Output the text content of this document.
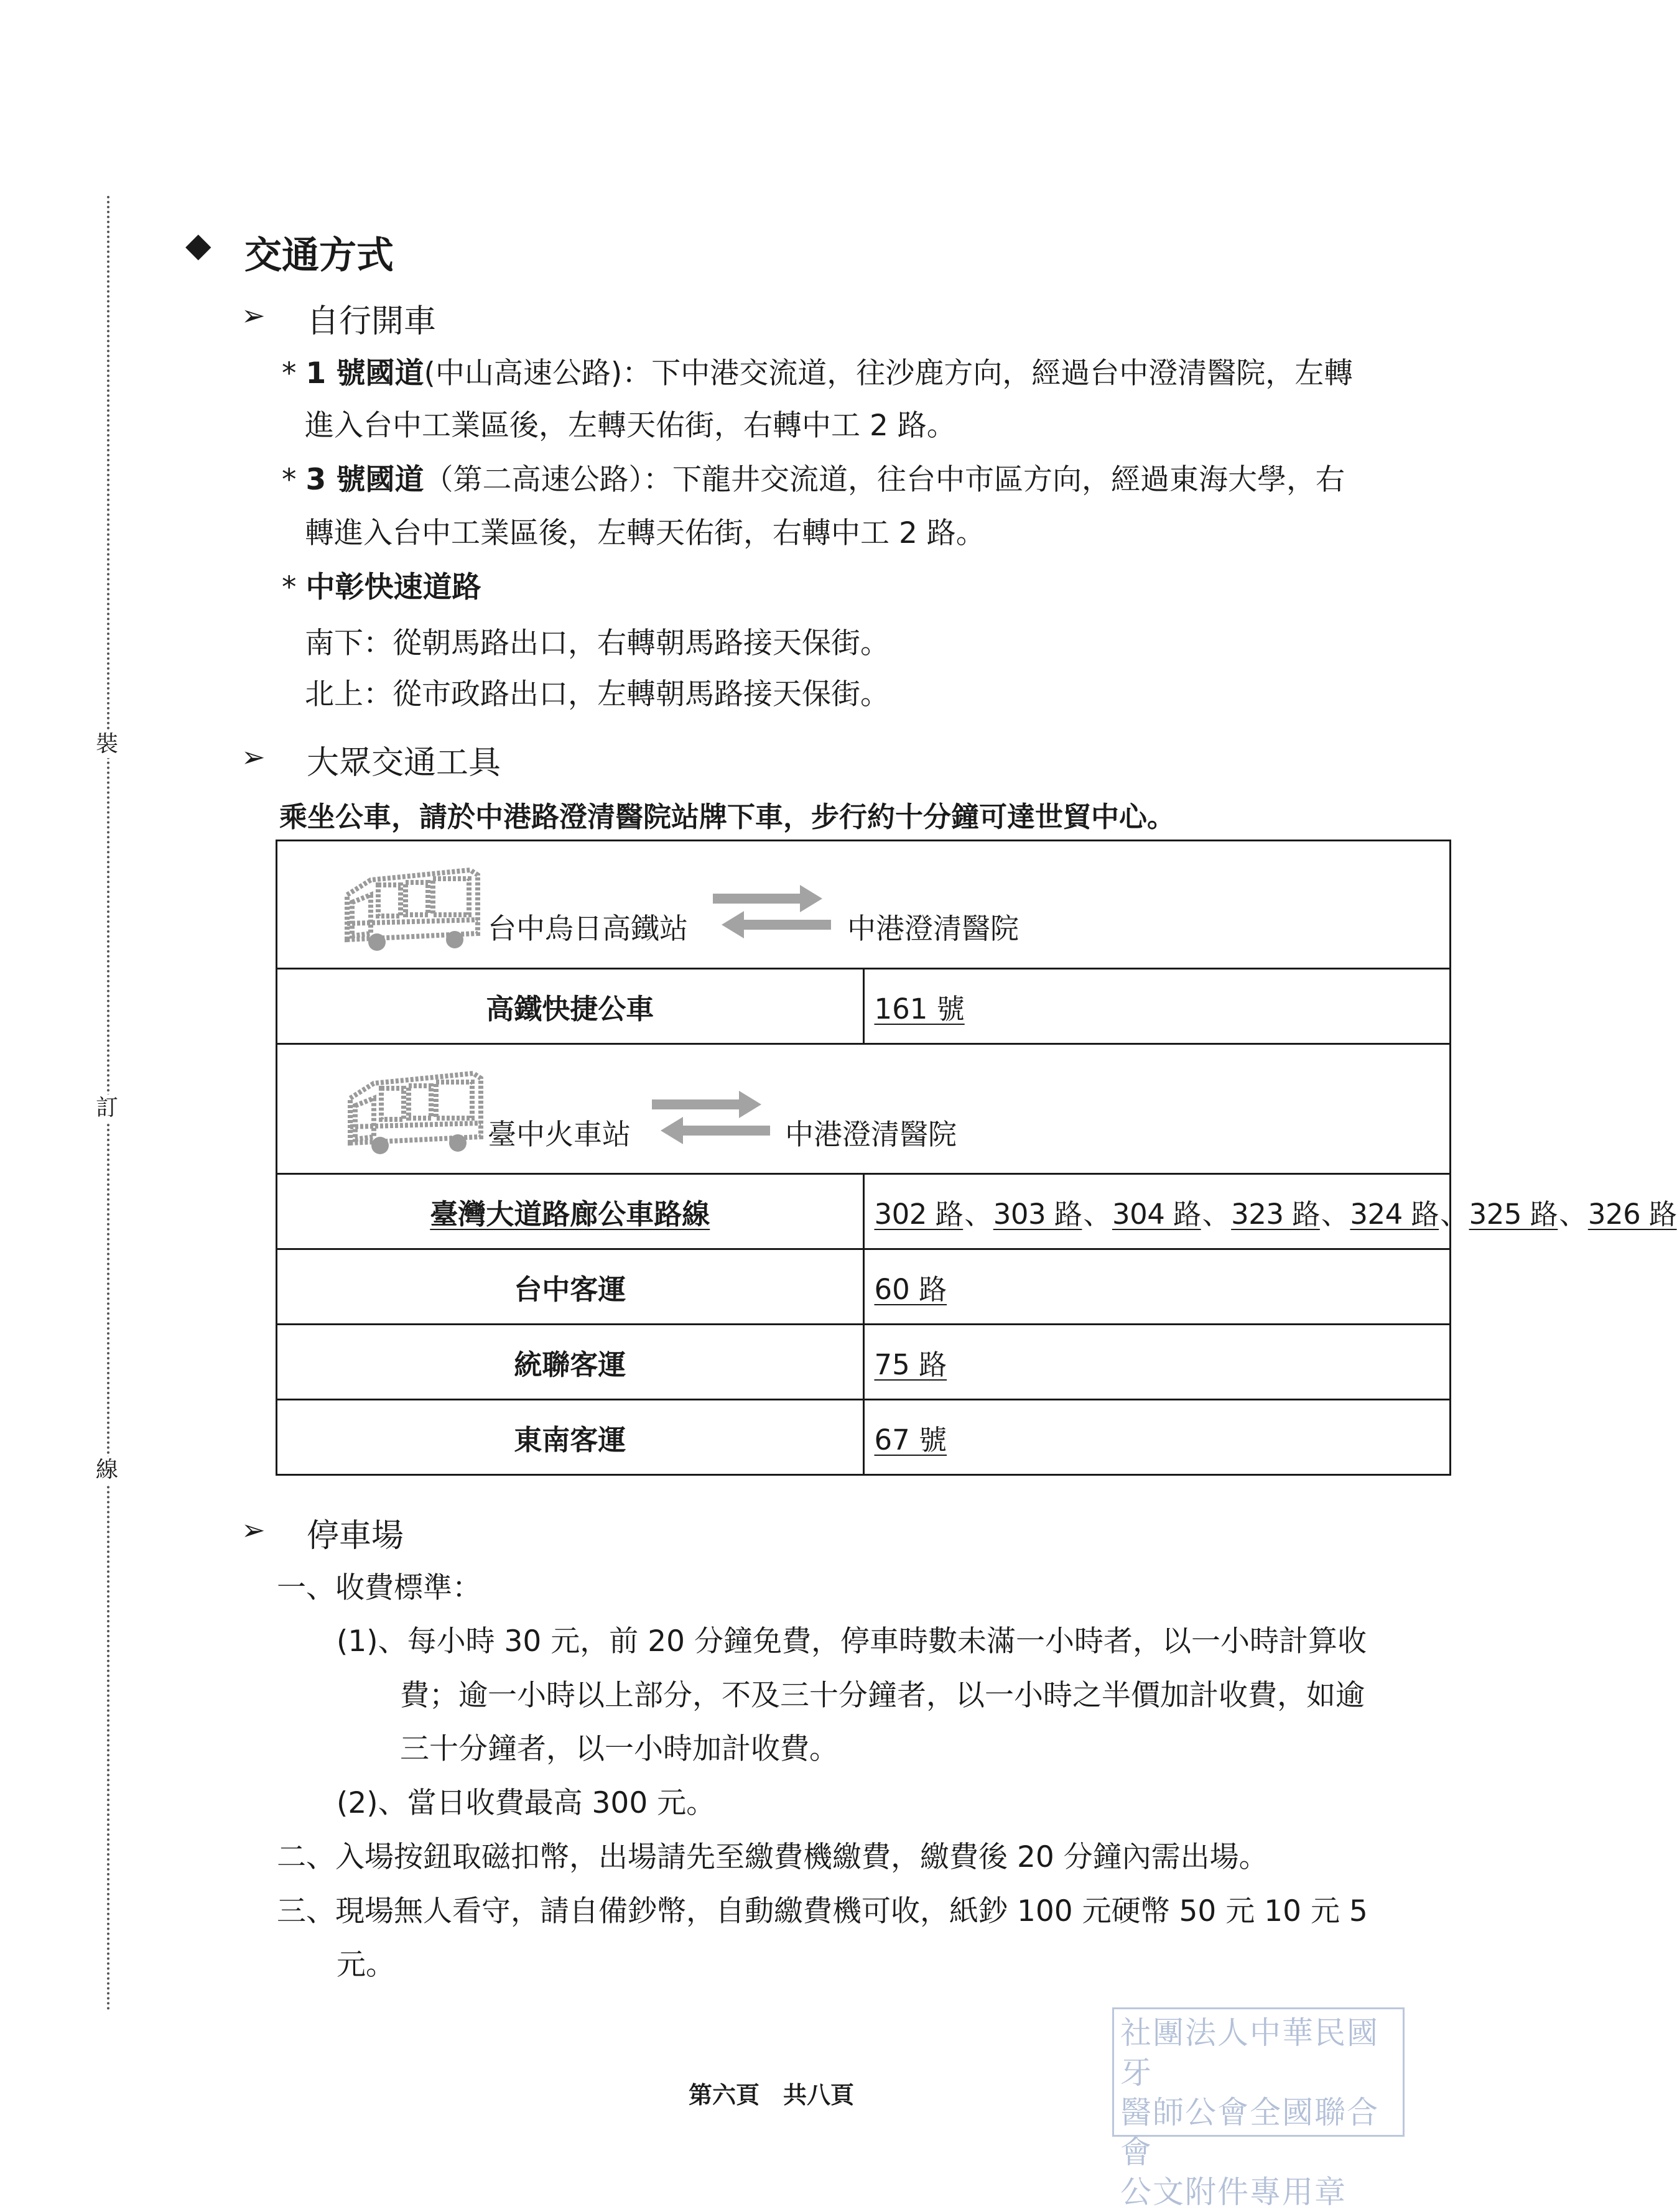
裝
訂
線
◆ 交通方式
➢ 自行開車
* 1 號國道(中山高速公路)：下中港交流道，往沙鹿方向，經過台中澄清醫院，左轉
進入台中工業區後，左轉天佑街，右轉中工 2 路。
* 3 號國道（第二高速公路）：下龍井交流道，往台中市區方向，經過東海大學，右
轉進入台中工業區後，左轉天佑街，右轉中工 2 路。
* 中彰快速道路
南下：從朝馬路出口，右轉朝馬路接天保街。
北上：從市政路出口，左轉朝馬路接天保街。
➢ 大眾交通工具
乘坐公車，請於中港路澄清醫院站牌下車，步行約十分鐘可達世貿中心。
台中烏日高鐵站 中港澄清醫院	

高鐵快捷公車	161 號

臺中火車站 中港澄清醫院	

臺灣大道路廊公車路線	302 路、303 路、304 路、323 路、324 路、325 路、326 路
台中客運	60 路
統聯客運	75 路
東南客運	67 號
➢ 停車場
一、收費標準：
(1)、每小時 30 元，前 20 分鐘免費，停車時數未滿一小時者，以一小時計算收
費；逾一小時以上部分，不及三十分鐘者，以一小時之半價加計收費，如逾
三十分鐘者，以一小時加計收費。
(2)、當日收費最高 300 元。
二、入場按鈕取磁扣幣，出場請先至繳費機繳費，繳費後 20 分鐘內需出場。
三、現場無人看守，請自備鈔幣，自動繳費機可收，紙鈔 100 元硬幣 50 元 10 元 5
元。
社團法人中華民國牙
醫師公會全國聯合會
公文附件專用章
第六頁　共八頁
